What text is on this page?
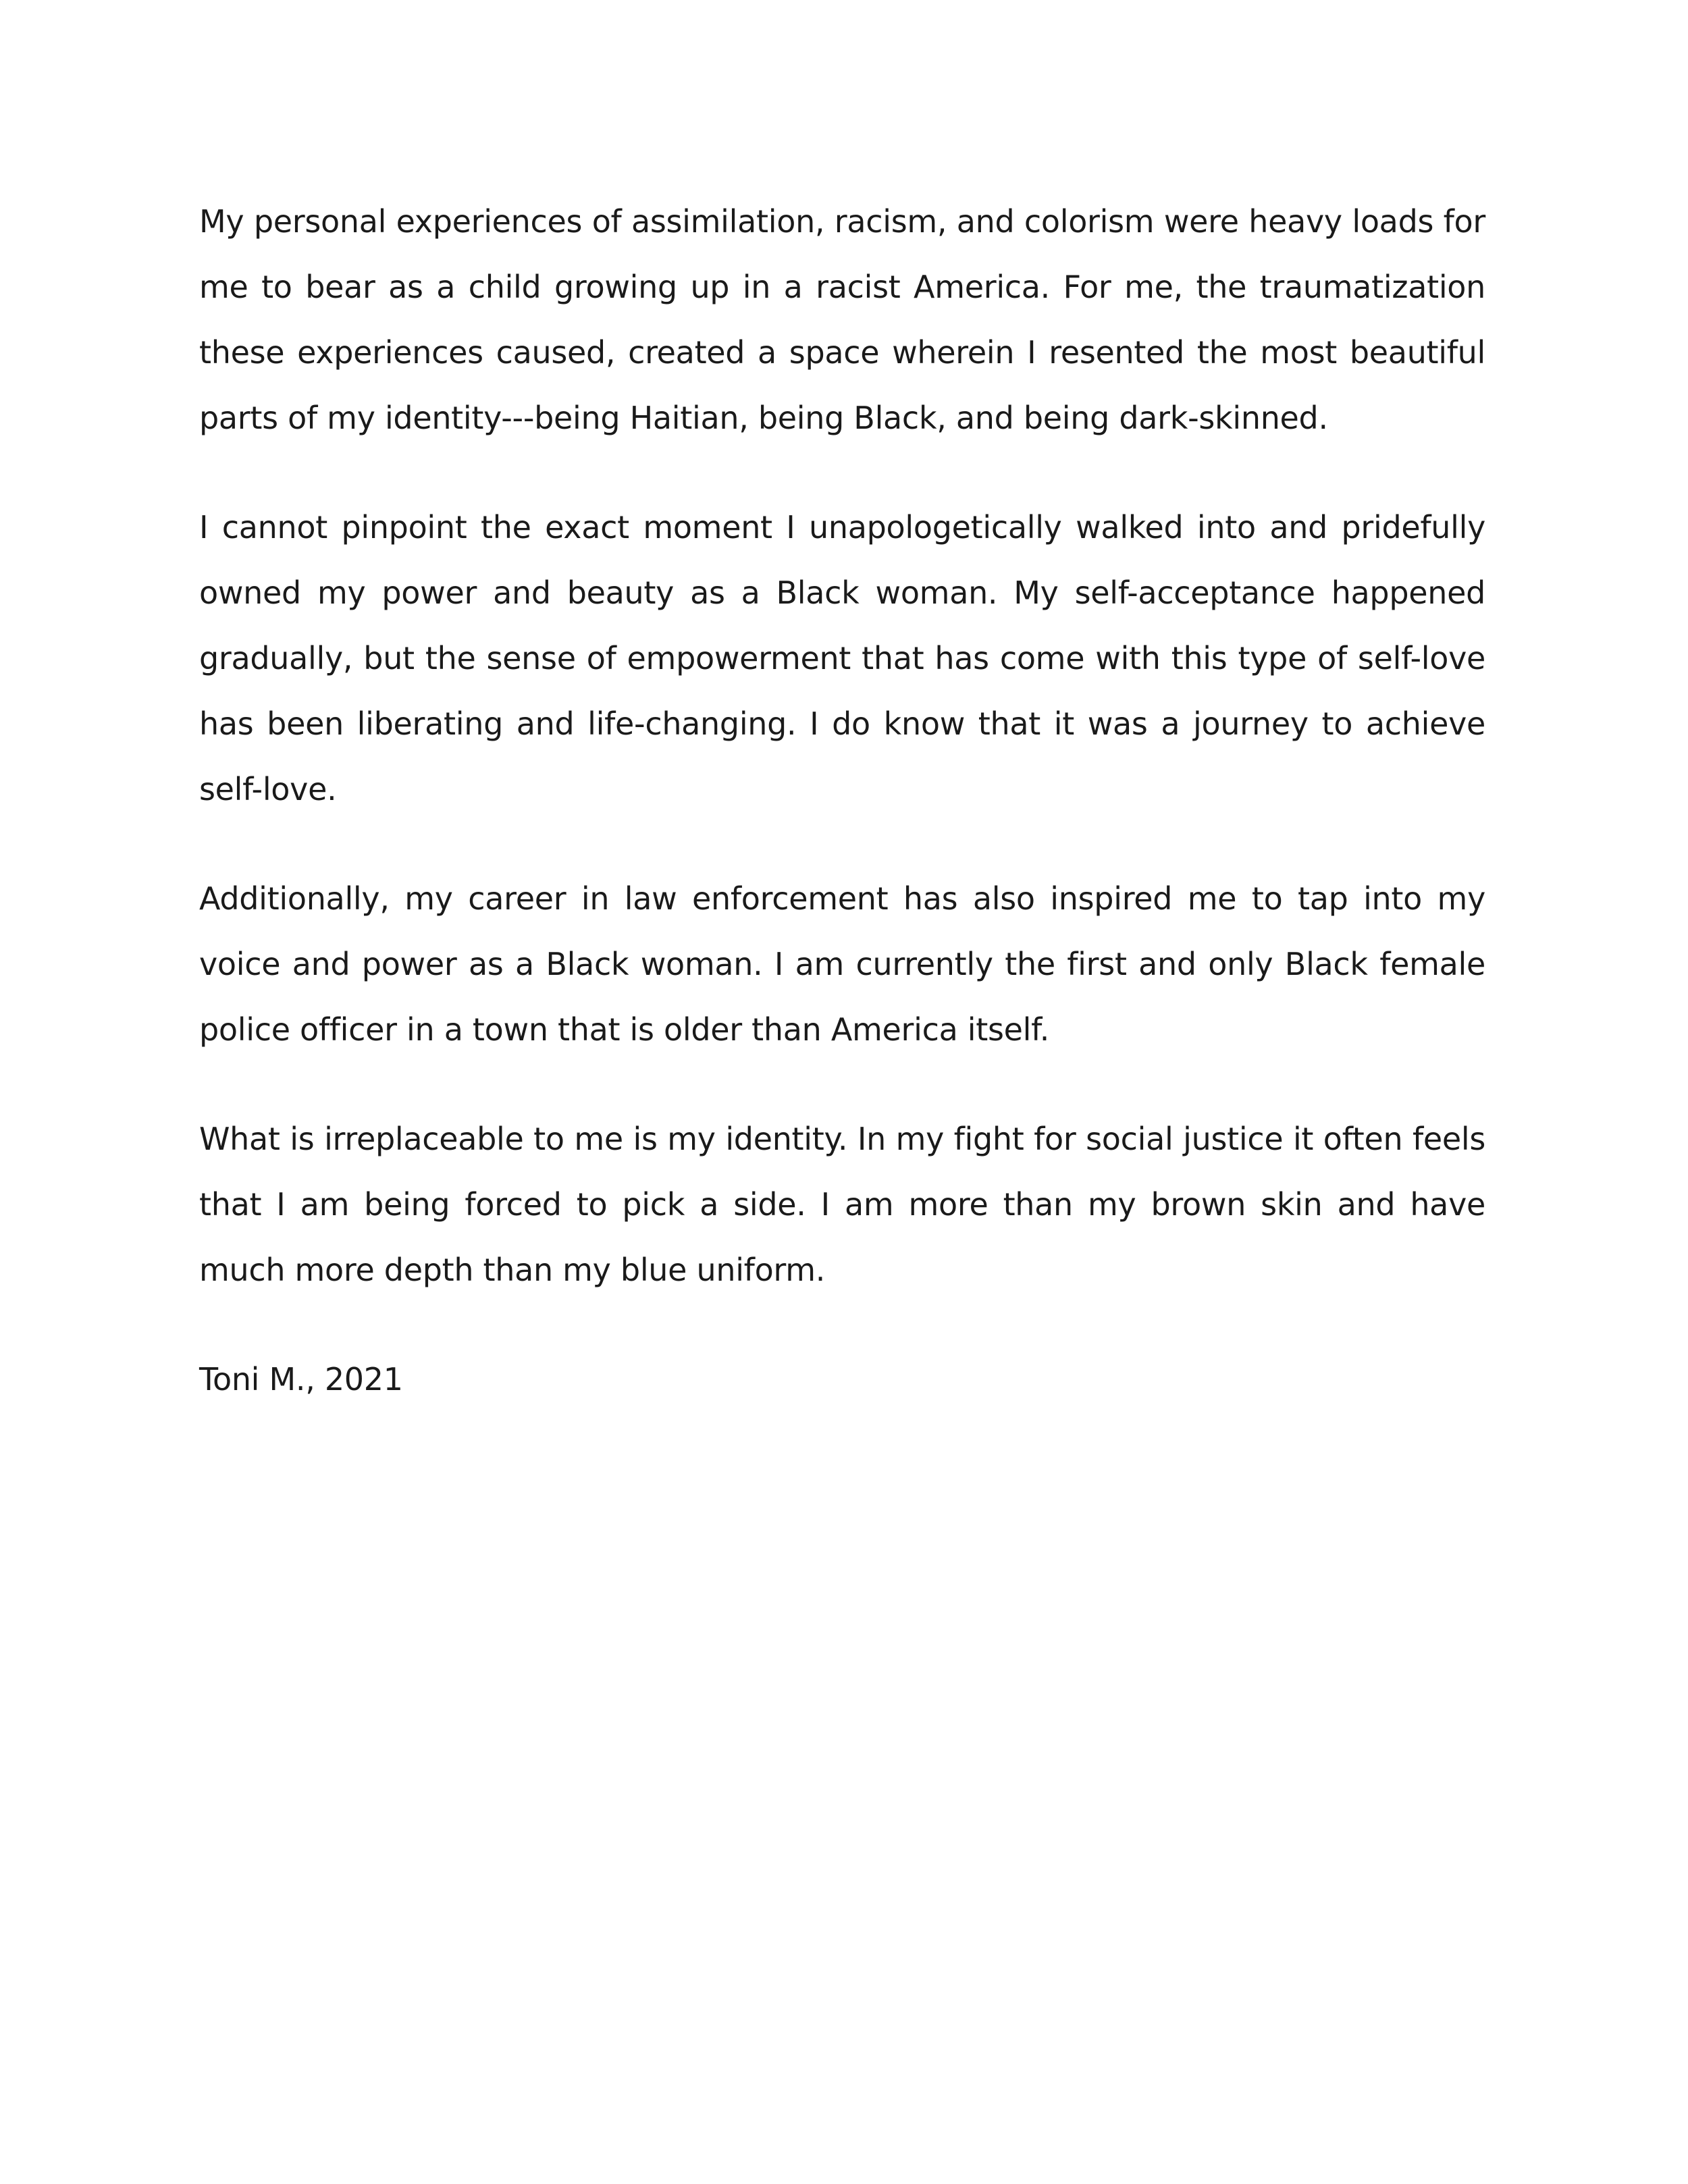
My personal experiences of assimilation, racism, and colorism were heavy loads for me to bear as a child growing up in a racist America. For me, the traumatization these experiences caused, created a space wherein I resented the most beautiful parts of my identity---being Haitian, being Black, and being dark-skinned.

I cannot pinpoint the exact moment I unapologetically walked into and pridefully owned my power and beauty as a Black woman. My self-acceptance happened gradually, but the sense of empowerment that has come with this type of self-love has been liberating and life-changing. I do know that it was a journey to achieve self-love.

Additionally, my career in law enforcement has also inspired me to tap into my voice and power as a Black woman. I am currently the first and only Black female police officer in a town that is older than America itself.

What is irreplaceable to me is my identity. In my fight for social justice it often feels that I am being forced to pick a side. I am more than my brown skin and have much more depth than my blue uniform.

Toni M., 2021
